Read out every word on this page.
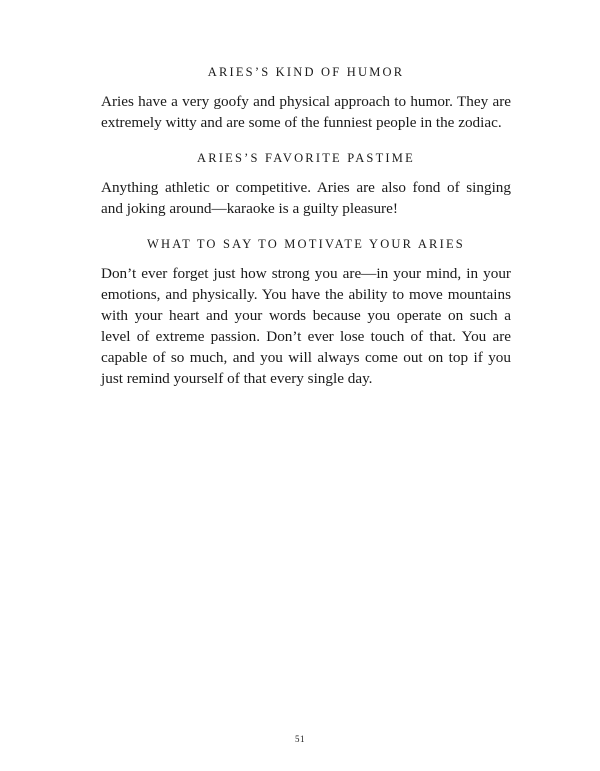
ARIES’S KIND OF HUMOR

Aries have a very goofy and physical approach to humor. They are extremely witty and are some of the funniest people in the zodiac.

ARIES’S FAVORITE PASTIME

Anything athletic or competitive. Aries are also fond of singing and joking around—karaoke is a guilty pleasure!

WHAT TO SAY TO MOTIVATE YOUR ARIES

Don’t ever forget just how strong you are—in your mind, in your emotions, and physically. You have the ability to move mountains with your heart and your words because you operate on such a level of extreme passion. Don’t ever lose touch of that. You are capable of so much, and you will always come out on top if you just remind yourself of that every single day.

51
